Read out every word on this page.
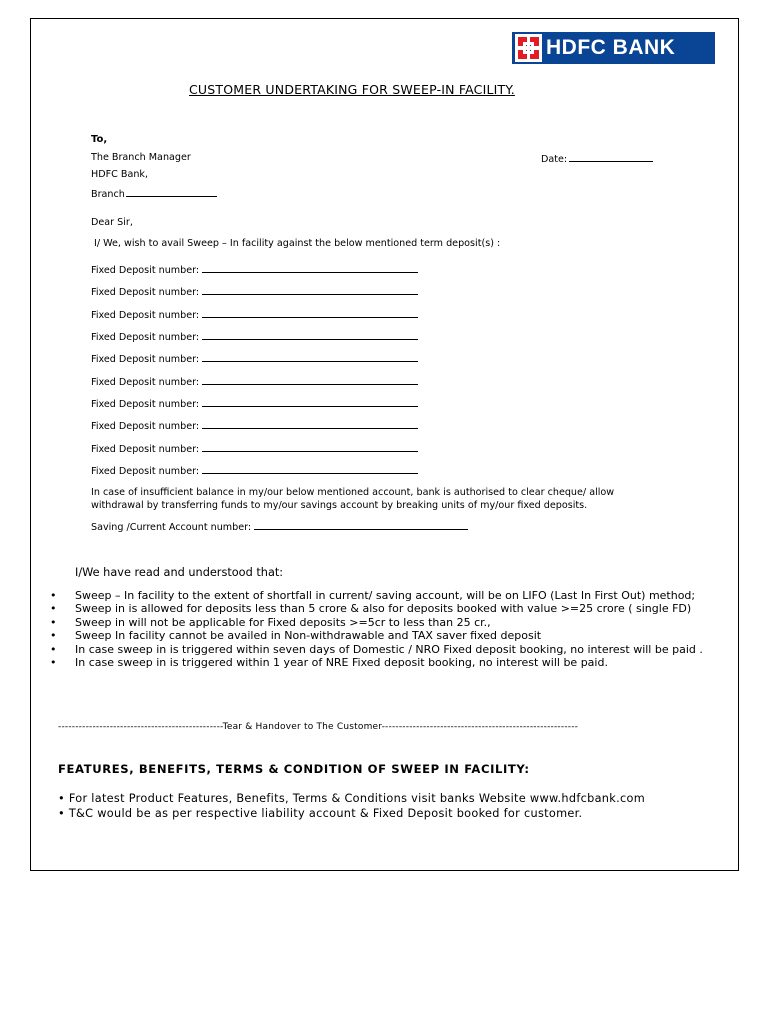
HDFC BANK
CUSTOMER UNDERTAKING FOR SWEEP-IN FACILITY.
To,
The Branch Manager	Date:
HDFC Bank,
Branch
Dear Sir,
I/ We, wish to avail Sweep – In facility against the below mentioned term deposit(s) :
Fixed Deposit number:
Fixed Deposit number:
Fixed Deposit number:
Fixed Deposit number:
Fixed Deposit number:
Fixed Deposit number:
Fixed Deposit number:
Fixed Deposit number:
Fixed Deposit number:
Fixed Deposit number:
In case of insufficient balance in my/our below mentioned account, bank is authorised to clear cheque/ allow
withdrawal by transferring funds to my/our savings account by breaking units of my/our fixed deposits.
Saving /Current Account number:
I/We have read and understood that:
• Sweep – In facility to the extent of shortfall in current/ saving account, will be on LIFO (Last In First Out) method;
• Sweep in is allowed for deposits less than 5 crore & also for deposits booked with value >=25 crore ( single FD)
• Sweep in will not be applicable for Fixed deposits >=5cr to less than 25 cr.,
• Sweep In facility cannot be availed in Non-withdrawable and TAX saver fixed deposit
• In case sweep in is triggered within seven days of Domestic / NRO Fixed deposit booking, no interest will be paid .
• In case sweep in is triggered within 1 year of NRE Fixed deposit booking, no interest will be paid.
------------------------------------------------Tear & Handover to The Customer---------------------------------------------------------
FEATURES, BENEFITS, TERMS & CONDITION OF SWEEP IN FACILITY:
• For latest Product Features, Benefits, Terms & Conditions visit banks Website www.hdfcbank.com
• T&C would be as per respective liability account & Fixed Deposit booked for customer.
